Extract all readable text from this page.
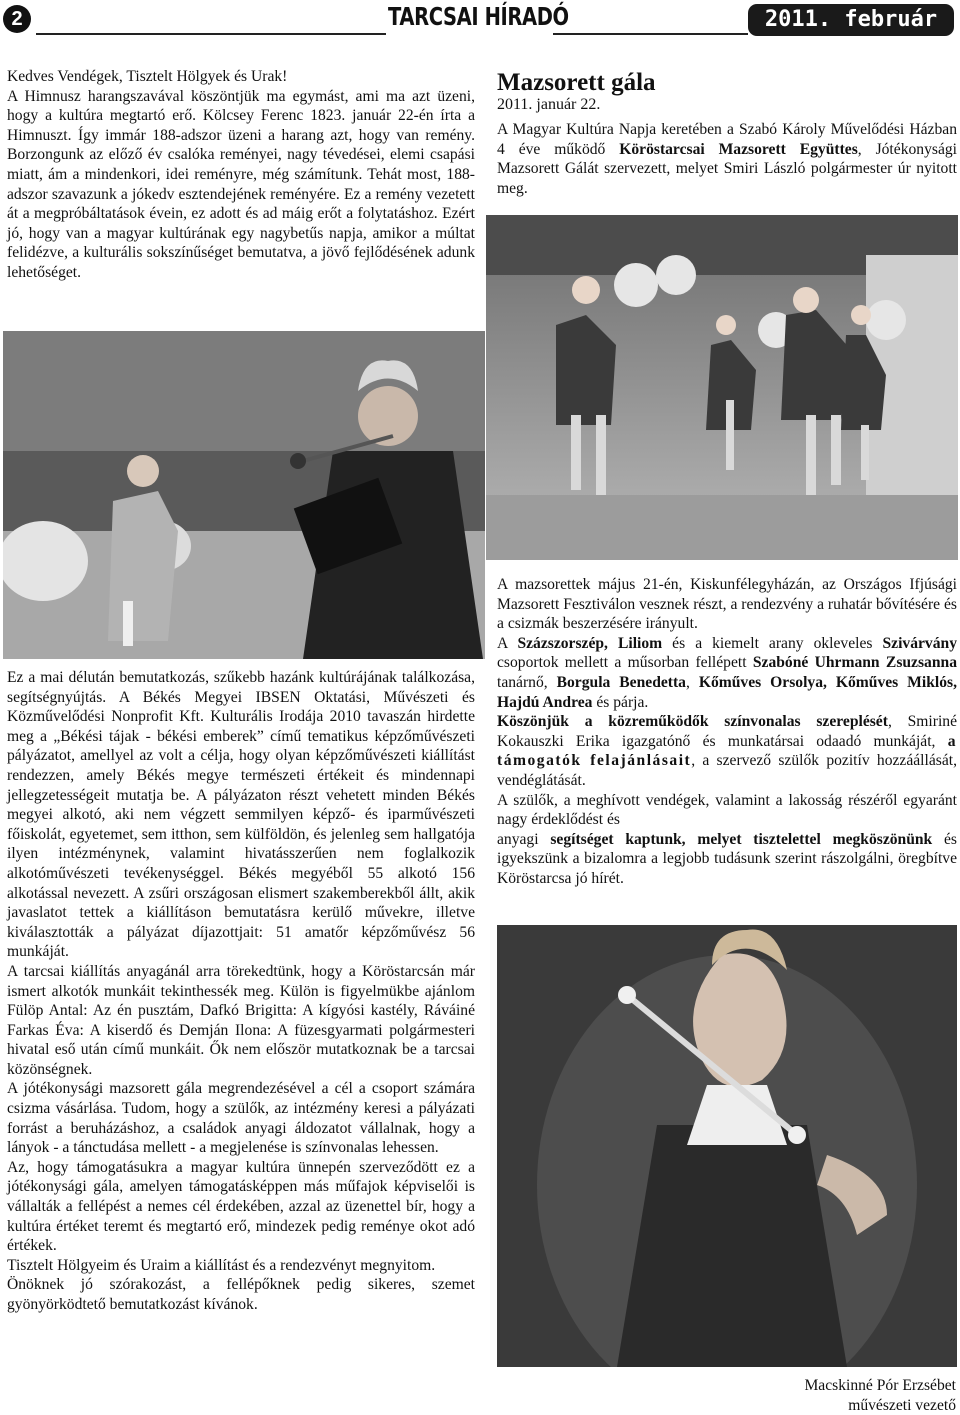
2	TARCSAI HÍRADÓ	2011. február

Kedves Vendégek, Tisztelt Hölgyek és Urak!

A Himnusz harangszavával köszöntjük ma egymást, ami ma azt üzeni, hogy a kultúra megtartó erő. Kölcsey Ferenc 1823. január 22-én írta a Himnuszt. Így immár 188-adszor üzeni a harang azt, hogy van remény. Borzongunk az előző év csalóka reményei, nagy tévedései, elemi csapási miatt, ám a mindenkori, idei reményre, még számítunk. Tehát most, 188-adszor szavazunk a jókedv esztendejének reményére. Ez a remény vezetett át a megpróbáltatások évein, ez adott és ad máig erőt a folytatáshoz. Ezért jó, hogy van a magyar kultúrának egy nagybetűs napja, amikor a múltat felidézve, a kulturális sokszínűséget bemutatva, a jövő fejlődésének adunk lehetőséget.

Mazsorett gála

2011. január 22.

A Magyar Kultúra Napja keretében a Szabó Károly Művelődési Házban 4 éve működő Köröstarcsai Mazsorett Együttes, Jótékonysági Mazsorett Gálát szervezett, melyet Smiri László polgármester úr nyitott meg.

Ez a mai délután bemutatkozás, szűkebb hazánk kultúrájának találkozása, segítségnyújtás. A Békés Megyei IBSEN Oktatási, Művészeti és Közművelődési Nonprofit Kft. Kulturális Irodája 2010 tavaszán hirdette meg a „Békési tájak - békési emberek” című tematikus képzőművészeti pályázatot, amellyel az volt a célja, hogy olyan képzőművészeti kiállítást rendezzen, amely Békés megye természeti értékeit és mindennapi jellegzetességeit mutatja be. A pályázaton részt vehetett minden Békés megyei alkotó, aki nem végzett semmilyen képző- és iparművészeti főiskolát, egyetemet, sem itthon, sem külföldön, és jelenleg sem hallgatója ilyen intézménynek, valamint hivatásszerűen nem foglalkozik alkotóművészeti tevékenységgel. Békés megyéből 55 alkotó 156 alkotással nevezett. A zsűri országosan elismert szakemberekből állt, akik javaslatot tettek a kiállításon bemutatásra kerülő művekre, illetve kiválasztották a pályázat díjazottjait: 51 amatőr képzőművész 56 munkáját.

A tarcsai kiállítás anyagánál arra törekedtünk, hogy a Köröstarcsán már ismert alkotók munkáit tekinthessék meg. Külön is figyelmükbe ajánlom Fülöp Antal: Az én pusztám, Dafkó Brigitta: A kígyósi kastély, Ráváiné Farkas Éva: A kiserdő és Demján Ilona: A füzesgyarmati polgármesteri hivatal eső után című munkáit. Ők nem először mutatkoznak be a tarcsai közönségnek.

A jótékonysági mazsorett gála megrendezésével a cél a csoport számára csizma vásárlása. Tudom, hogy a szülők, az intézmény keresi a pályázati forrást a beruházáshoz, a családok anyagi áldozatot vállalnak, hogy a lányok - a tánctudása mellett - a megjelenése is színvonalas lehessen.

Az, hogy támogatásukra a magyar kultúra ünnepén szerveződött ez a jótékonysági gála, amelyen támogatásképpen más műfajok képviselői is vállalták a fellépést a nemes cél érdekében, azzal az üzenettel bír, hogy a kultúra értéket teremt és megtartó erő, mindezek pedig reménye okot adó értékek.

Tisztelt Hölgyeim és Uraim a kiállítást és a rendezvényt megnyitom.

Önöknek jó szórakozást, a fellépőknek pedig sikeres, szemet gyönyörködtető bemutatkozást kívánok.

A mazsorettek május 21-én, Kiskunfélegyházán, az Országos Ifjúsági Mazsorett Fesztiválon vesznek részt, a rendezvény a ruhatár bővítésére és a csizmák beszerzésére irányult.

A Százszorszép, Liliom és a kiemelt arany okleveles Szivárvány csoportok mellett a műsorban fellépett Szabóné Uhrmann Zsuzsanna tanárnő, Borgula Benedetta, Kőműves Orsolya, Kőműves Miklós, Hajdú Andrea és párja.

Köszönjük a közreműködők színvonalas szereplését, Smiriné Kokauszki Erika igazgatónő és munkatársai odaadó munkáját, a támogatók felajánlásait, a szervező szülők pozitív hozzáállását, vendéglátását.

A szülők, a meghívott vendégek, valamint a lakosság részéről egyaránt nagy érdeklődést és

anyagi segítséget kaptunk, melyet tisztelettel megköszönünk és igyekszünk a bizalomra a legjobb tudásunk szerint rászolgálni, öregbítve Köröstarcsa jó hírét.

Macskinné Pór Erzsébet
művészeti vezető
